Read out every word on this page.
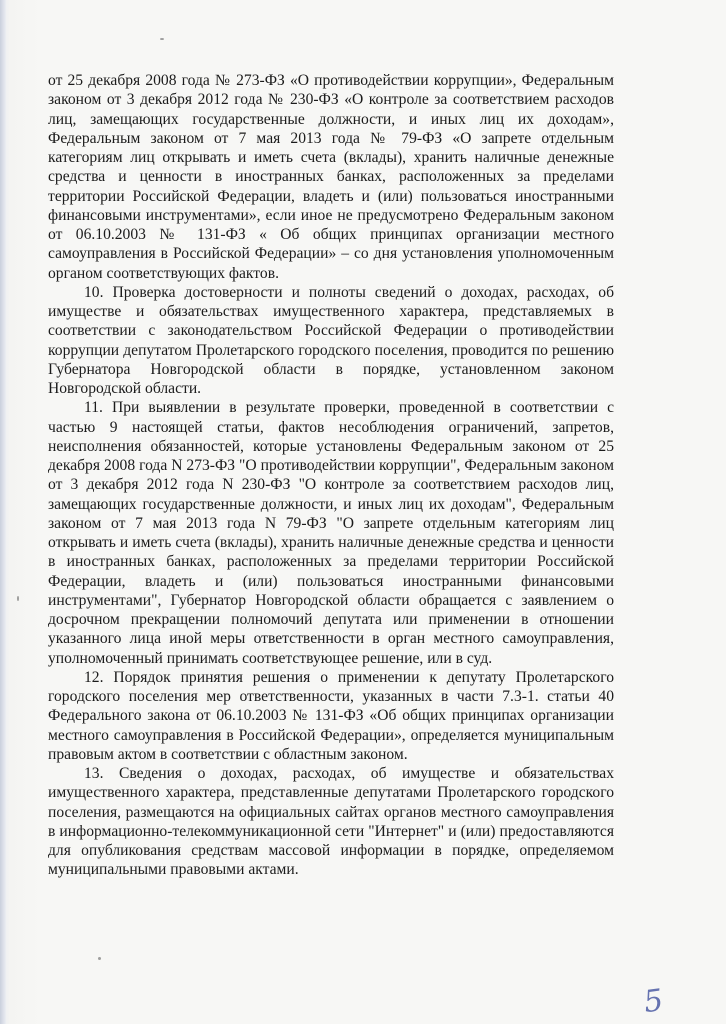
от 25 декабря 2008 года № 273-ФЗ «О противодействии коррупции», Федеральным законом от 3 декабря 2012 года № 230-ФЗ «О контроле за соответствием расходов лиц, замещающих государственные должности, и иных лиц их доходам», Федеральным законом от 7 мая 2013 года № 79-ФЗ «О запрете отдельным категориям лиц открывать и иметь счета (вклады), хранить наличные денежные средства и ценности в иностранных банках, расположенных за пределами территории Российской Федерации, владеть и (или) пользоваться иностранными финансовыми инструментами», если иное не предусмотрено Федеральным законом от 06.10.2003 № 131-ФЗ « Об общих принципах организации местного самоуправления в Российской Федерации» – со дня установления уполномоченным органом соответствующих фактов.

10. Проверка достоверности и полноты сведений о доходах, расходах, об имуществе и обязательствах имущественного характера, представляемых в соответствии с законодательством Российской Федерации о противодействии коррупции депутатом Пролетарского городского поселения, проводится по решению Губернатора Новгородской области в порядке, установленном законом Новгородской области.

11. При выявлении в результате проверки, проведенной в соответствии с частью 9 настоящей статьи, фактов несоблюдения ограничений, запретов, неисполнения обязанностей, которые установлены Федеральным законом от 25 декабря 2008 года N 273-ФЗ "О противодействии коррупции", Федеральным законом от 3 декабря 2012 года N 230-ФЗ "О контроле за соответствием расходов лиц, замещающих государственные должности, и иных лиц их доходам", Федеральным законом от 7 мая 2013 года N 79-ФЗ "О запрете отдельным категориям лиц открывать и иметь счета (вклады), хранить наличные денежные средства и ценности в иностранных банках, расположенных за пределами территории Российской Федерации, владеть и (или) пользоваться иностранными финансовыми инструментами", Губернатор Новгородской области обращается с заявлением о досрочном прекращении полномочий депутата или применении в отношении указанного лица иной меры ответственности в орган местного самоуправления, уполномоченный принимать соответствующее решение, или в суд.

12. Порядок принятия решения о применении к депутату Пролетарского городского поселения мер ответственности, указанных в части 7.3-1. статьи 40 Федерального закона от 06.10.2003 № 131-ФЗ «Об общих принципах организации местного самоуправления в Российской Федерации», определяется муниципальным правовым актом в соответствии с областным законом.

13. Сведения о доходах, расходах, об имуществе и обязательствах имущественного характера, представленные депутатами Пролетарского городского поселения, размещаются на официальных сайтах органов местного самоуправления в информационно-телекоммуникационной сети "Интернет" и (или) предоставляются для опубликования средствам массовой информации в порядке, определяемом муниципальными правовыми актами.

5
